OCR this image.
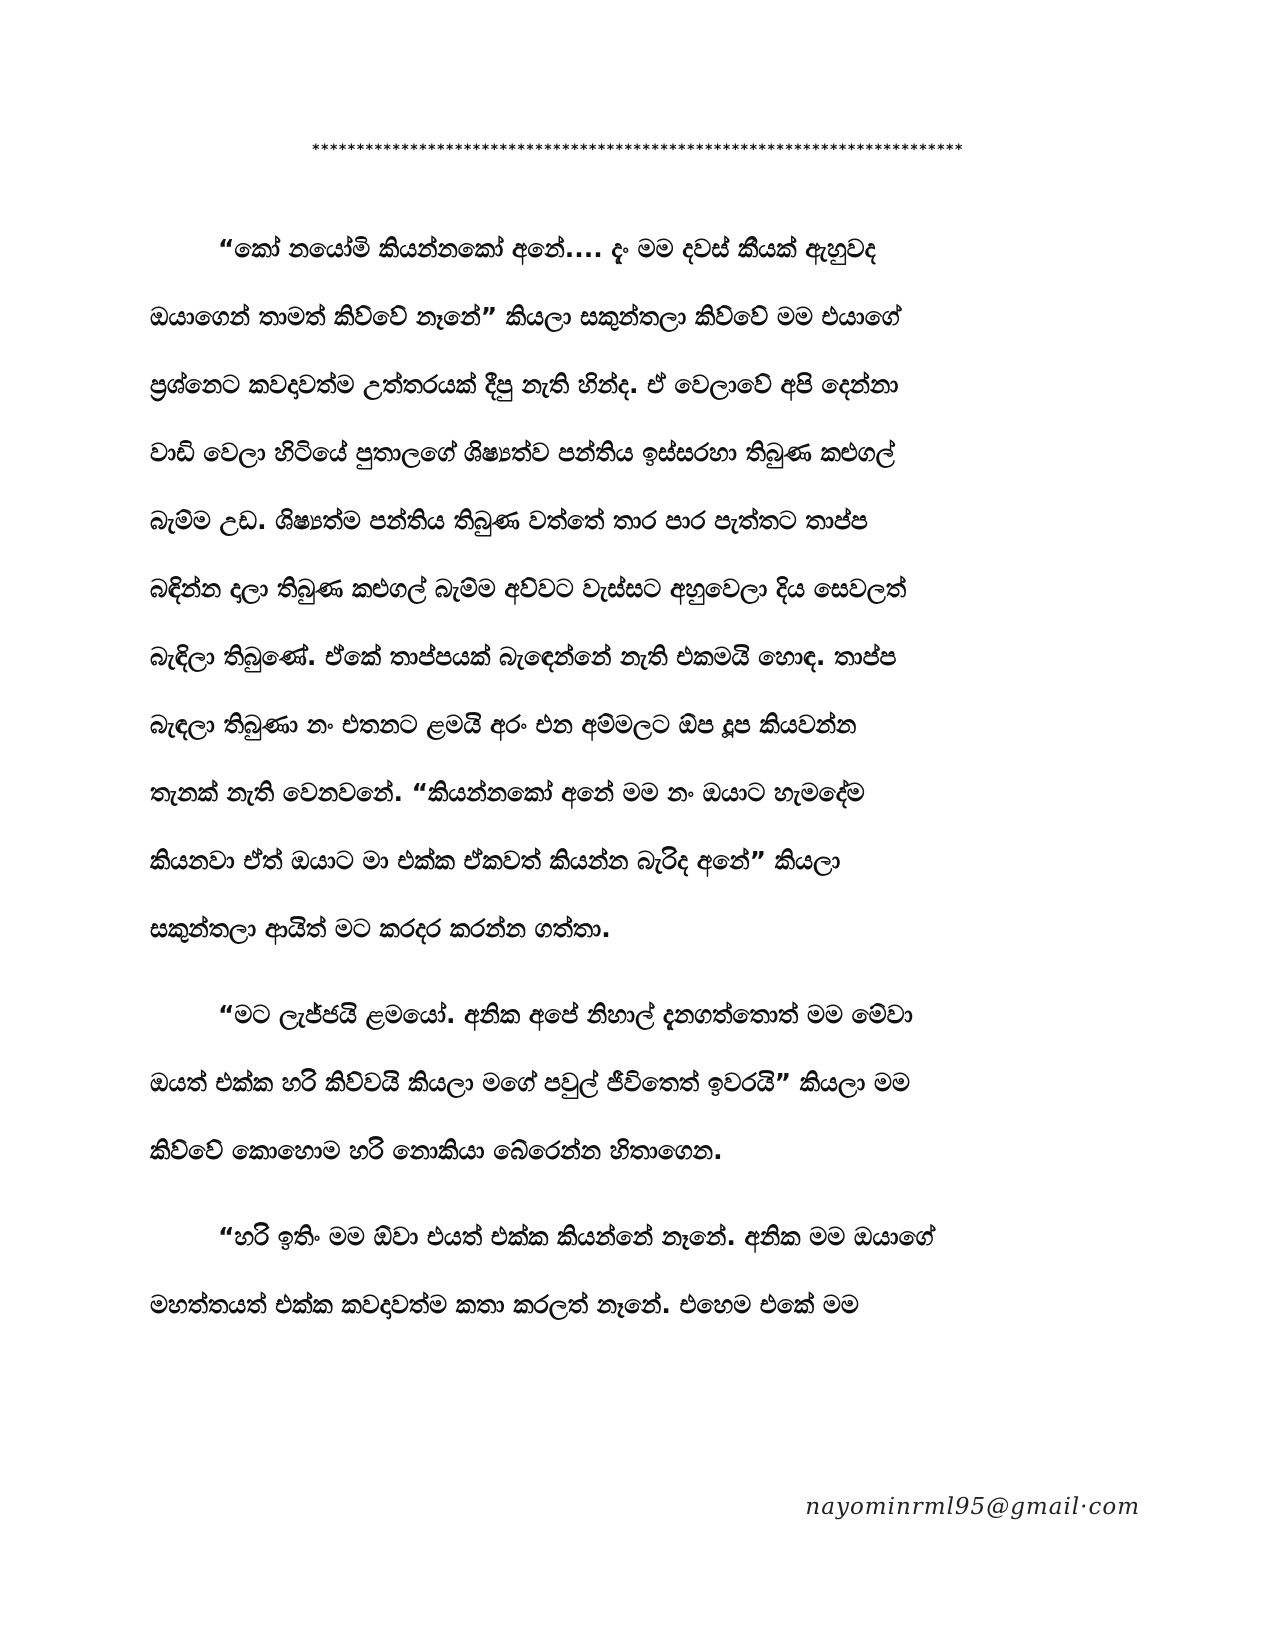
*************************************************************************
“කෝ නයෝමි කියන්නකෝ අනේ.... දැං මම දවස් කීයක් ඇහුවද
ඔයාගෙන් තාමත් කිව්වේ නෑනේ” කියලා සකුන්තලා කිව්වේ මම එයාගේ
ප්‍රශ්නෙට කවදාවත්ම උත්තරයක් දීපු නැති හින්ද. ඒ වෙලාවේ අපි දෙන්නා
වාඩි වෙලා හිටියේ පුතාලගේ ශිෂ්‍යත්ව පන්තිය ඉස්සරහා තිබුණ කළුගල්
බැම්ම උඩ. ශිෂ්‍යත්ම පන්තිය තිබුණ වත්තේ තාර පාර පැත්තට තාප්ප
බඳින්න දාලා තිබුණ කළුගල් බැම්ම අව්වට වැස්සට අහුවෙලා දිය සෙවලත්
බැඳිලා තිබුණේ. ඒකේ තාප්පයක් බැඳෙන්නේ නැති එකමයි හොඳ. තාප්ප
බැඳලා තිබුණා නං එතනට ළමයි අරං එන අම්මලට ඕප දූප කියවන්න
තැනක් නැති වෙනවනේ. “කියන්නකෝ අනේ මම නං ඔයාට හැමදේම
කියනවා ඒත් ඔයාට මා එක්ක ඒකවත් කියන්න බැරිද අනේ” කියලා
සකුන්තලා ආයිත් මට කරදර කරන්න ගත්තා.
“මට ලැජ්ජයි ළමයෝ. අනික අපේ නිහාල් දැනගත්තොත් මම මේවා
ඔයත් එක්ක හරි කිව්වයි කියලා මගේ පවුල් ජීවිතෙත් ඉවරයි” කියලා මම
කිව්වේ කොහොම හරි නොකියා බේරෙන්න හිතාගෙන.
“හරි ඉතිං මම ඕවා එයත් එක්ක කියන්නේ නෑනේ. අනික මම ඔයාගේ
මහත්තයත් එක්ක කවදාවත්ම කතා කරලත් නෑනේ. එහෙම එකේ මම
nayominrml95@gmail·com
